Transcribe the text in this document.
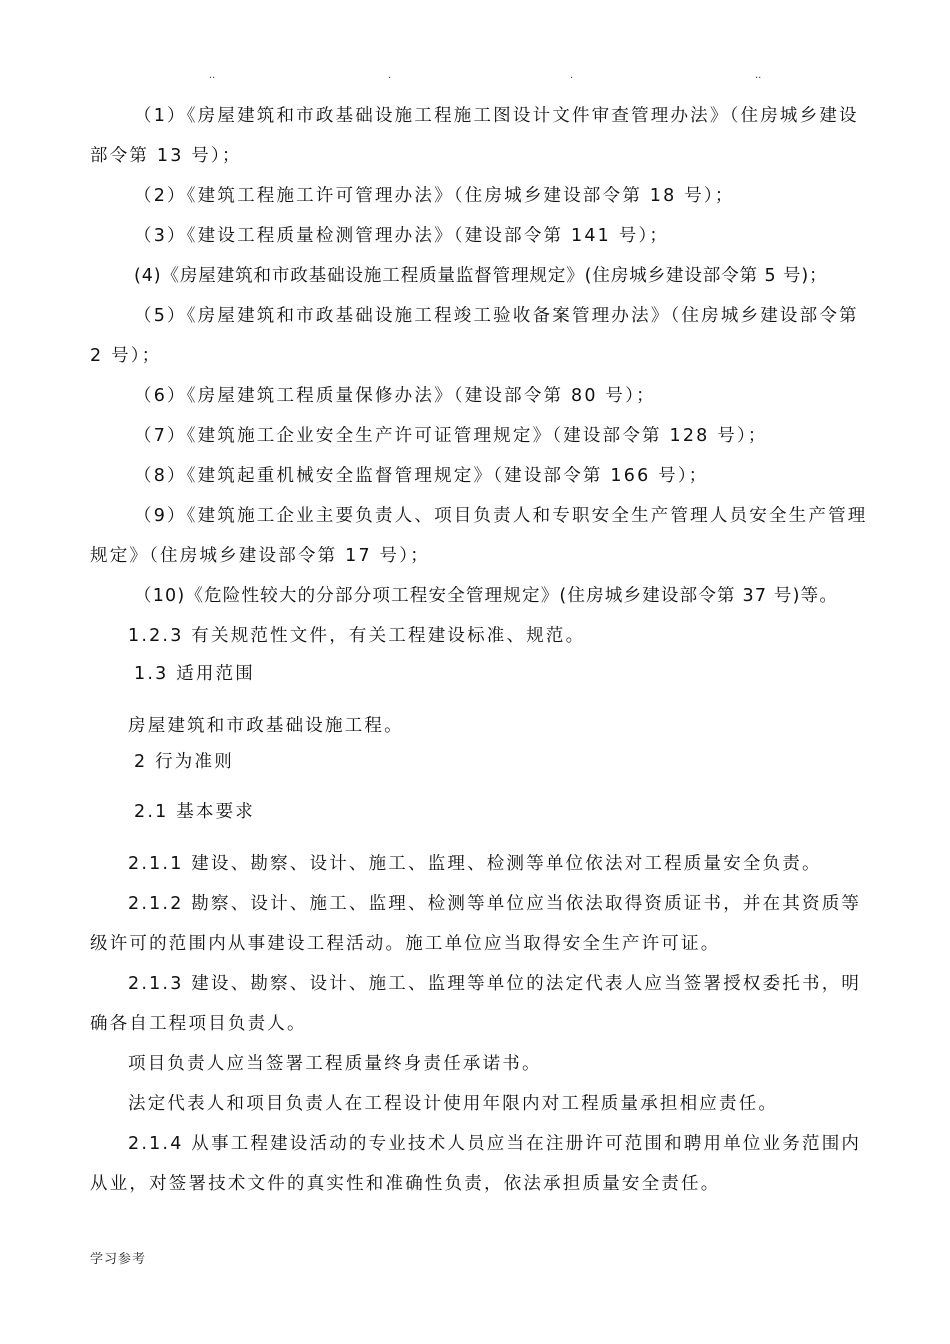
..	.	.	..
（1）《房屋建筑和市政基础设施工程施工图设计文件审查管理办法》（住房城乡建设
部令第 13 号）；
（2）《建筑工程施工许可管理办法》（住房城乡建设部令第 18 号）；
（3）《建设工程质量检测管理办法》（建设部令第 141 号）；
(4)《房屋建筑和市政基础设施工程质量监督管理规定》(住房城乡建设部令第 5 号)；
（5）《房屋建筑和市政基础设施工程竣工验收备案管理办法》（住房城乡建设部令第
2 号）；
（6）《房屋建筑工程质量保修办法》（建设部令第 80 号）；
（7）《建筑施工企业安全生产许可证管理规定》（建设部令第 128 号）；
（8）《建筑起重机械安全监督管理规定》（建设部令第 166 号）；
（9）《建筑施工企业主要负责人、项目负责人和专职安全生产管理人员安全生产管理
规定》（住房城乡建设部令第 17 号）；
（10)《危险性较大的分部分项工程安全管理规定》(住房城乡建设部令第 37 号)等。
1.2.3 有关规范性文件，有关工程建设标准、规范。
1.3 适用范围
房屋建筑和市政基础设施工程。
2 行为准则
2.1 基本要求
2.1.1 建设、勘察、设计、施工、监理、检测等单位依法对工程质量安全负责。
2.1.2 勘察、设计、施工、监理、检测等单位应当依法取得资质证书，并在其资质等
级许可的范围内从事建设工程活动。施工单位应当取得安全生产许可证。
2.1.3 建设、勘察、设计、施工、监理等单位的法定代表人应当签署授权委托书，明
确各自工程项目负责人。
项目负责人应当签署工程质量终身责任承诺书。
法定代表人和项目负责人在工程设计使用年限内对工程质量承担相应责任。
2.1.4 从事工程建设活动的专业技术人员应当在注册许可范围和聘用单位业务范围内
从业，对签署技术文件的真实性和准确性负责，依法承担质量安全责任。
学习参考
